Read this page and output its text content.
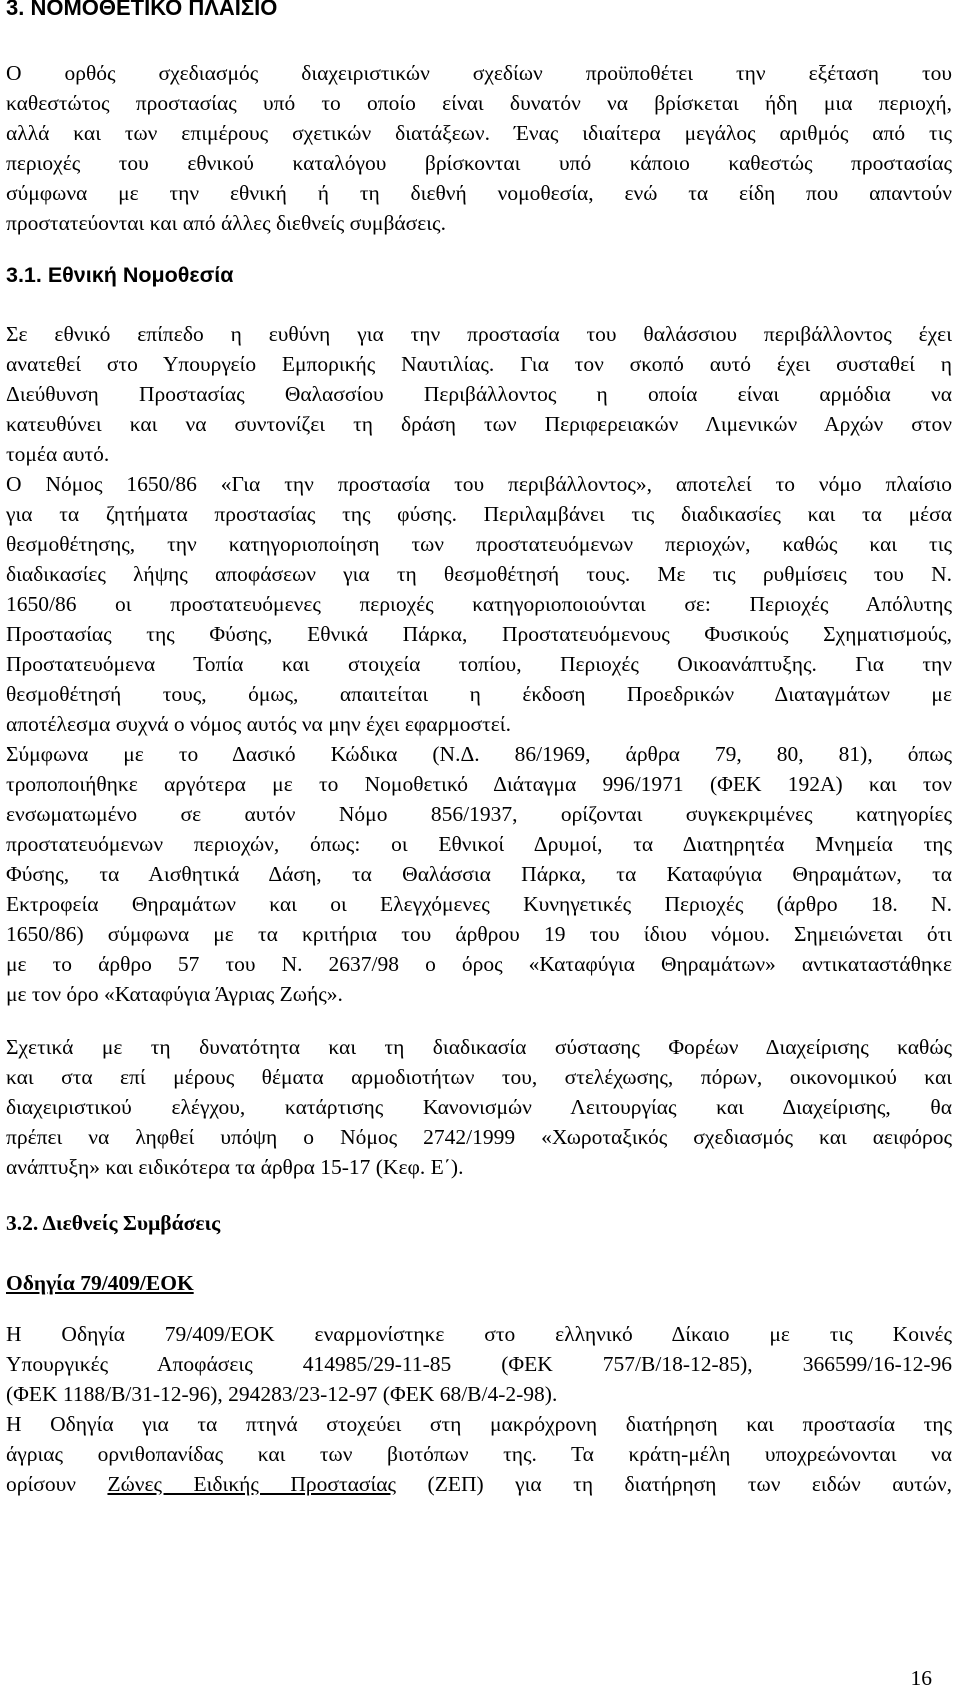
3. ΝΟΜΟΘΕΤΙΚΟ ΠΛΑΙΣΙΟ
Ο ορθός σχεδιασμός διαχειριστικών σχεδίων προϋποθέτει την εξέταση του
καθεστώτος προστασίας υπό το οποίο είναι δυνατόν να βρίσκεται ήδη μια περιοχή,
αλλά και των επιμέρους σχετικών διατάξεων. Ένας ιδιαίτερα μεγάλος αριθμός από τις
περιοχές του εθνικού καταλόγου βρίσκονται υπό κάποιο καθεστώς προστασίας
σύμφωνα με την εθνική ή τη διεθνή νομοθεσία, ενώ τα είδη που απαντούν
προστατεύονται και από άλλες διεθνείς συμβάσεις.
3.1. Εθνική Νομοθεσία
Σε εθνικό επίπεδο η ευθύνη για την προστασία του θαλάσσιου περιβάλλοντος έχει
ανατεθεί στο Υπουργείο Εμπορικής Ναυτιλίας. Για τον σκοπό αυτό έχει συσταθεί η
Διεύθυνση Προστασίας Θαλασσίου Περιβάλλοντος η οποία είναι αρμόδια να
κατευθύνει και να συντονίζει τη δράση των Περιφερειακών Λιμενικών Αρχών στον
τομέα αυτό.
Ο Νόμος 1650/86 «Για την προστασία του περιβάλλοντος», αποτελεί το νόμο πλαίσιο
για τα ζητήματα προστασίας της φύσης. Περιλαμβάνει τις διαδικασίες και τα μέσα
θεσμοθέτησης, την κατηγοριοποίηση των προστατευόμενων περιοχών, καθώς και τις
διαδικασίες λήψης αποφάσεων για τη θεσμοθέτησή τους. Με τις ρυθμίσεις του Ν.
1650/86 οι προστατευόμενες περιοχές κατηγοριοποιούνται σε: Περιοχές Απόλυτης
Προστασίας της Φύσης, Εθνικά Πάρκα, Προστατευόμενους Φυσικούς Σχηματισμούς,
Προστατευόμενα Τοπία και στοιχεία τοπίου, Περιοχές Οικοανάπτυξης. Για την
θεσμοθέτησή τους, όμως, απαιτείται η έκδοση Προεδρικών Διαταγμάτων με
αποτέλεσμα συχνά ο νόμος αυτός να μην έχει εφαρμοστεί.
Σύμφωνα με το Δασικό Κώδικα (Ν.Δ. 86/1969, άρθρα 79, 80, 81), όπως
τροποποιήθηκε αργότερα με το Νομοθετικό Διάταγμα 996/1971 (ΦΕΚ 192Α) και τον
ενσωματωμένο σε αυτόν Νόμο 856/1937, ορίζονται συγκεκριμένες κατηγορίες
προστατευόμενων περιοχών, όπως: οι Εθνικοί Δρυμοί, τα Διατηρητέα Μνημεία της
Φύσης, τα Αισθητικά Δάση, τα Θαλάσσια Πάρκα, τα Καταφύγια Θηραμάτων, τα
Εκτροφεία Θηραμάτων και οι Ελεγχόμενες Κυνηγετικές Περιοχές (άρθρο 18. Ν.
1650/86) σύμφωνα με τα κριτήρια του άρθρου 19 του ίδιου νόμου. Σημειώνεται ότι
με το άρθρο 57 του Ν. 2637/98 ο όρος «Καταφύγια Θηραμάτων» αντικαταστάθηκε
με τον όρο «Καταφύγια Άγριας Ζωής».
Σχετικά με τη δυνατότητα και τη διαδικασία σύστασης Φορέων Διαχείρισης καθώς
και στα επί μέρους θέματα αρμοδιοτήτων του, στελέχωσης, πόρων, οικονομικού και
διαχειριστικού ελέγχου, κατάρτισης Κανονισμών Λειτουργίας και Διαχείρισης, θα
πρέπει να ληφθεί υπόψη ο Νόμος 2742/1999 «Χωροταξικός σχεδιασμός και αειφόρος
ανάπτυξη» και ειδικότερα τα άρθρα 15-17 (Κεφ. Ε΄).
3.2. Διεθνείς Συμβάσεις
Οδηγία 79/409/ΕΟΚ
Η Οδηγία 79/409/ΕΟΚ εναρμονίστηκε στο ελληνικό Δίκαιο με τις Κοινές
Υπουργικές Αποφάσεις 414985/29-11-85 (ΦΕΚ 757/Β/18-12-85), 366599/16-12-96
(ΦΕΚ 1188/Β/31-12-96), 294283/23-12-97 (ΦΕΚ 68/Β/4-2-98).
Η Οδηγία για τα πτηνά στοχεύει στη μακρόχρονη διατήρηση και προστασία της
άγριας ορνιθοπανίδας και των βιοτόπων της. Τα κράτη-μέλη υποχρεώνονται να
ορίσουν Ζώνες Ειδικής Προστασίας (ΖΕΠ) για τη διατήρηση των ειδών αυτών,
16
